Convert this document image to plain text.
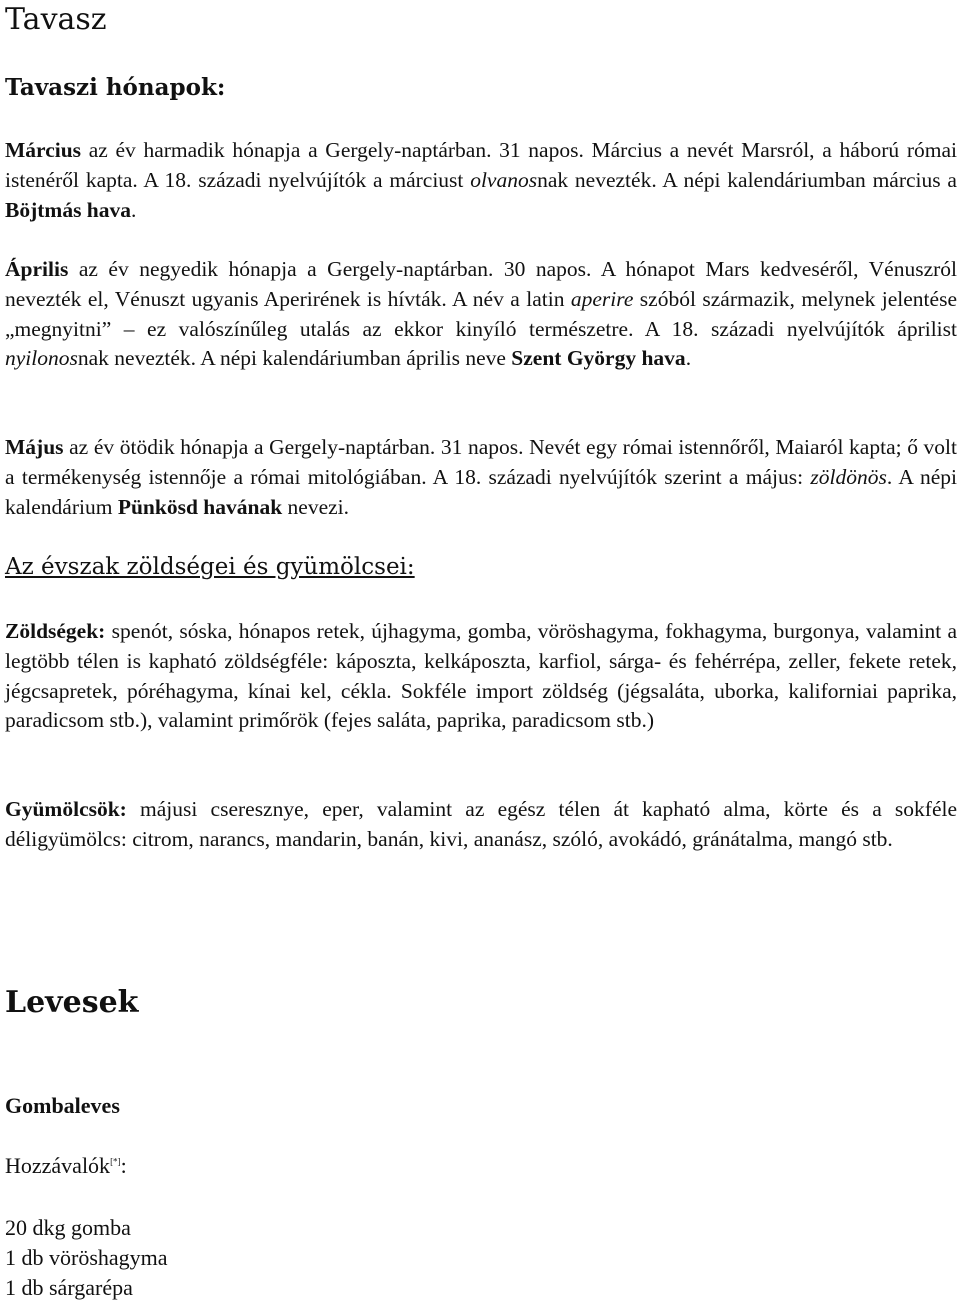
Tavasz
Tavaszi hónapok:

Március az év harmadik hónapja a Gergely-naptárban. 31 napos. Március a nevét Marsról, a háború római istenéről kapta. A 18. századi nyelvújítók a márciust olvanosnak nevezték. A népi kalendáriumban március a Böjtmás hava.

Április az év negyedik hónapja a Gergely-naptárban. 30 napos. A hónapot Mars kedveséről, Vénuszról nevezték el, Vénuszt ugyanis Aperirének is hívták. A név a latin aperire szóból származik, melynek jelentése „megnyitni” – ez valószínűleg utalás az ekkor kinyíló természetre. A 18. századi nyelvújítók áprilist nyilonosnak nevezték. A népi kalendáriumban április neve Szent György hava.

Május az év ötödik hónapja a Gergely-naptárban. 31 napos. Nevét egy római istennőről, Maiaról kapta; ő volt a termékenység istennője a római mitológiában. A 18. századi nyelvújítók szerint a május: zöldönös. A népi kalendárium Pünkösd havának nevezi.

Az évszak zöldségei és gyümölcsei:

Zöldségek: spenót, sóska, hónapos retek, újhagyma, gomba, vöröshagyma, fokhagyma, burgonya, valamint a legtöbb télen is kapható zöldségféle: káposzta, kelkáposzta, karfiol, sárga- és fehérrépa, zeller, fekete retek, jégcsapretek, póréhagyma, kínai kel, cékla. Sokféle import zöldség (jégsaláta, uborka, kaliforniai paprika, paradicsom stb.), valamint primőrök (fejes saláta, paprika, paradicsom stb.)

Gyümölcsök: májusi cseresznye, eper, valamint az egész télen át kapható alma, körte és a sokféle déligyümölcs: citrom, narancs, mandarin, banán, kivi, ananász, szóló, avokádó, gránátalma, mangó stb.

Levesek
Gombaleves
Hozzávalók[*]:
20 dkg gomba
1 db vöröshagyma
1 db sárgarépa
